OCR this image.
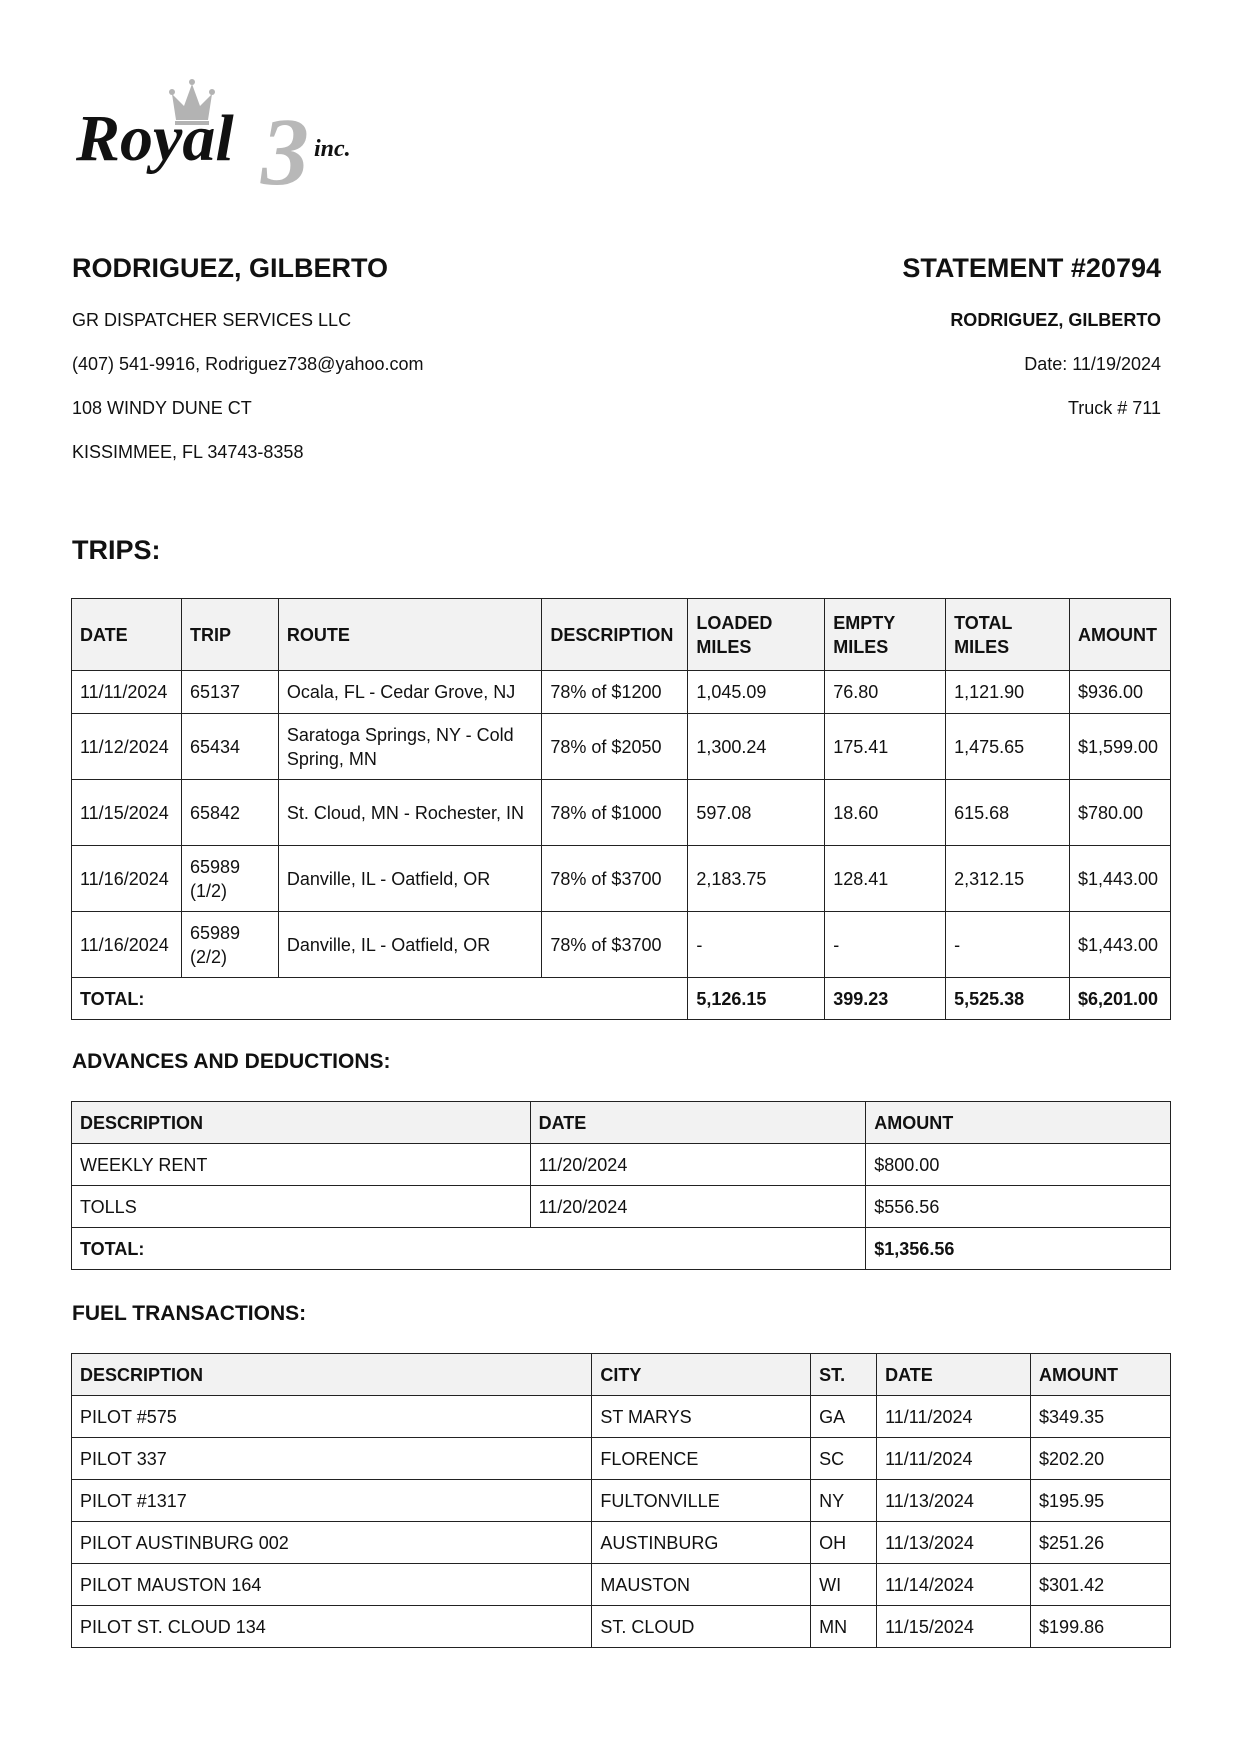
3
Royal	inc.

RODRIGUEZ, GILBERTO

GR DISPATCHER SERVICES LLC

(407) 541-9916, Rodriguez738@yahoo.com

108 WINDY DUNE CT

KISSIMMEE, FL 34743-8358

STATEMENT #20794

RODRIGUEZ, GILBERTO

Date: 11/19/2024

Truck # 711

TRIPS:

DATE	TRIP	ROUTE	DESCRIPTION	LOADED MILES	EMPTY MILES	TOTAL MILES	AMOUNT
11/11/2024	65137	Ocala, FL - Cedar Grove, NJ	78% of $1200	1,045.09	76.80	1,121.90	$936.00
11/12/2024	65434	Saratoga Springs, NY - Cold Spring, MN	78% of $2050	1,300.24	175.41	1,475.65	$1,599.00
11/15/2024	65842	St. Cloud, MN - Rochester, IN	78% of $1000	597.08	18.60	615.68	$780.00
11/16/2024	65989 (1/2)	Danville, IL - Oatfield, OR	78% of $3700	2,183.75	128.41	2,312.15	$1,443.00
11/16/2024	65989 (2/2)	Danville, IL - Oatfield, OR	78% of $3700	-	-	-	$1,443.00
TOTAL:				5,126.15	399.23	5,525.38	$6,201.00

ADVANCES AND DEDUCTIONS:

DESCRIPTION	DATE	AMOUNT
WEEKLY RENT	11/20/2024	$800.00
TOLLS	11/20/2024	$556.56
TOTAL:		$1,356.56

FUEL TRANSACTIONS:

DESCRIPTION	CITY	ST.	DATE	AMOUNT
PILOT #575	ST MARYS	GA	11/11/2024	$349.35
PILOT 337	FLORENCE	SC	11/11/2024	$202.20
PILOT #1317	FULTONVILLE	NY	11/13/2024	$195.95
PILOT AUSTINBURG 002	AUSTINBURG	OH	11/13/2024	$251.26
PILOT MAUSTON 164	MAUSTON	WI	11/14/2024	$301.42
PILOT ST. CLOUD 134	ST. CLOUD	MN	11/15/2024	$199.86
